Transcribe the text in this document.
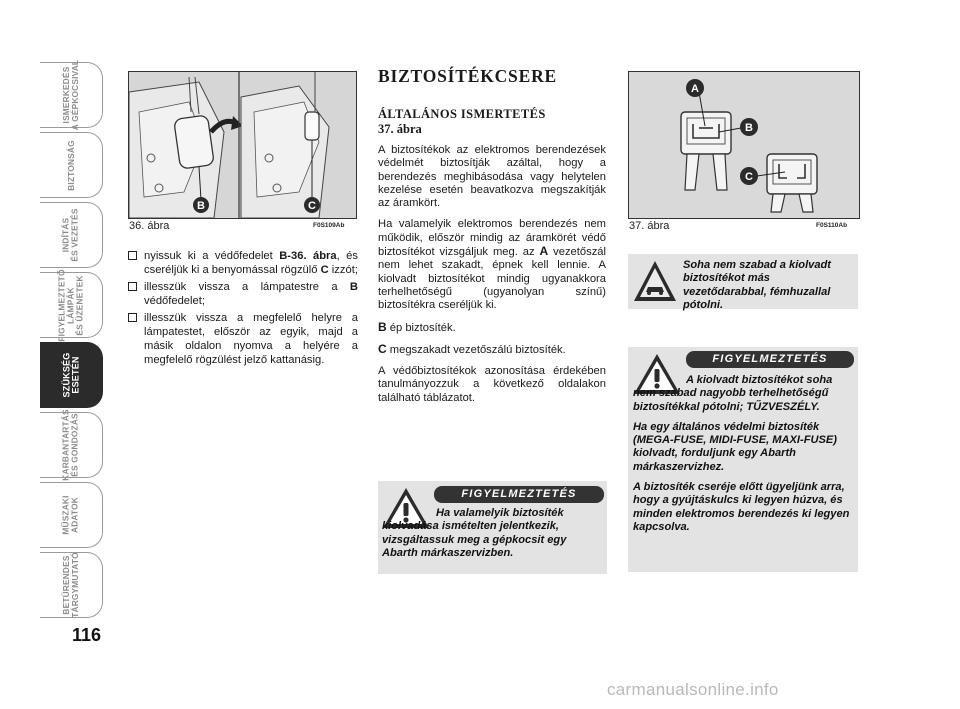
ISMERKEDÉS
A GÉPKOCSIVAL
BIZTONSÁG
INDÍTÁS
ÉS VEZETÉS
FIGYELMEZTETŐ
LÁMPÁK
ÉS ÜZENETEK
SZÜKSÉG
ESETÉN
KARBANTARTÁS
ÉS GONDOZÁS
MŰSZAKI
ADATOK
BETŰRENDES
TÁRGYMUTATÓ
116
B	C
36. ábra	F0S109Ab
nyissuk ki a védőfedelet B-36. ábra, és cseréljük ki a benyomással rögzülő C izzót;
illesszük vissza a lámpatestre a B védőfedelet;
illesszük vissza a megfelelő helyre a lámpatestet, először az egyik, majd a másik oldalon nyomva a helyére a megfelelő rögzülést jelző kattanásig.
BIZTOSÍTÉKCSERE
ÁLTALÁNOS ISMERTETÉS
37. ábra

A biztosítékok az elektromos berendezések védelmét biztosítják azáltal, hogy a berendezés meghibásodása vagy helytelen kezelése esetén beavatkozva megszakítják az áramkört.

Ha valamelyik elektromos berendezés nem működik, először mindig az áramkörét védő biztosítékot vizsgáljuk meg. az A vezetőszál nem lehet szakadt, épnek kell lennie. A kiolvadt biztosítékot mindig ugyanakkora terhelhetőségű (ugyanolyan színű) biztosítékra cseréljük ki.

B ép biztosíték.

C megszakadt vezetőszálú biztosíték.

A védőbiztosítékok azonosítása érdekében tanulmányozzuk a következő oldalakon található táblázatot.

FIGYELMEZTETÉS
Ha valamelyik biztosíték kiolvadása ismételten jelentkezik, vizsgáltassuk meg a gépkocsit egy Abarth márkaszervizben.
A
B
C
37. ábra	F0S110Ab
Soha nem szabad a kiolvadt biztosítékot más vezetődarabbal, fémhuzallal pótolni.
FIGYELMEZTETÉS

A kiolvadt biztosítékot soha nem szabad nagyobb terhelhetőségű biztosítékkal pótolni; TŰZVESZÉLY.

Ha egy általános védelmi biztosíték (MEGA-FUSE, MIDI-FUSE, MAXI-FUSE) kiolvadt, forduljunk egy Abarth márkaszervizhez.

A biztosíték cseréje előtt ügyeljünk arra, hogy a gyújtáskulcs ki legyen húzva, és minden elektromos berendezés ki legyen kapcsolva.

carmanualsonline.info
